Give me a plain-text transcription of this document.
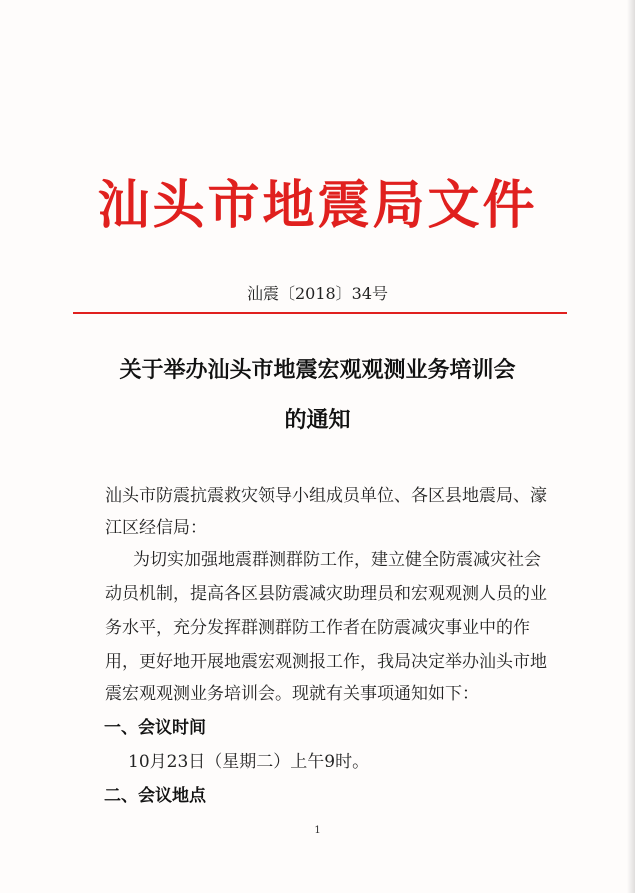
汕头市地震局文件
汕震〔2018〕34号
关于举办汕头市地震宏观观测业务培训会
的通知
汕头市防震抗震救灾领导小组成员单位、各区县地震局、濠
江区经信局：
为切实加强地震群测群防工作，建立健全防震减灾社会
动员机制，提高各区县防震减灾助理员和宏观观测人员的业
务水平，充分发挥群测群防工作者在防震减灾事业中的作
用，更好地开展地震宏观测报工作，我局决定举办汕头市地
震宏观观测业务培训会。现就有关事项通知如下：
一、会议时间
10月23日（星期二）上午9时。
二、会议地点
1
